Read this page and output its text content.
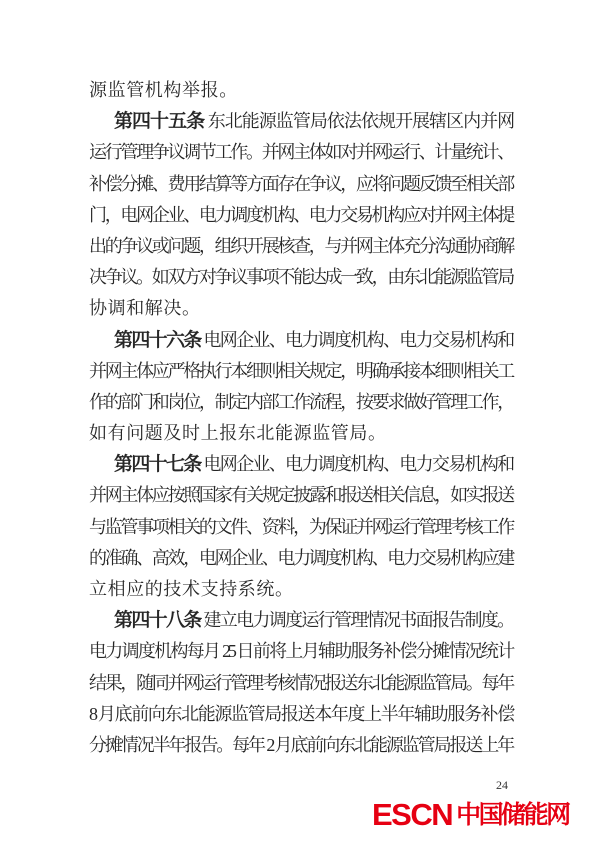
源监管机构举报。
第四十五条 东北能源监管局依法依规开展辖区内并网
运行管理争议调节工作。并网主体如对并网运行、计量统计、
补偿分摊、费用结算等方面存在争议，应将问题反馈至相关部
门，电网企业、电力调度机构、电力交易机构应对并网主体提
出的争议或问题，组织开展核查，与并网主体充分沟通协商解
决争议。如双方对争议事项不能达成一致，由东北能源监管局
协调和解决。
第四十六条 电网企业、电力调度机构、电力交易机构和
并网主体应严格执行本细则相关规定，明确承接本细则相关工
作的部门和岗位，制定内部工作流程，按要求做好管理工作，
如有问题及时上报东北能源监管局。
第四十七条 电网企业、电力调度机构、电力交易机构和
并网主体应按照国家有关规定披露和报送相关信息，如实报送
与监管事项相关的文件、资料，为保证并网运行管理考核工作
的准确、高效，电网企业、电力调度机构、电力交易机构应建
立相应的技术支持系统。
第四十八条 建立电力调度运行管理情况书面报告制度。
电力调度机构每月 25 日前将上月辅助服务补偿分摊情况统计
结果，随同并网运行管理考核情况报送东北能源监管局。每年
8 月底前向东北能源监管局报送本年度上半年辅助服务补偿
分摊情况半年报告。每年 2 月底前向东北能源监管局报送上年
24
ESCN 中国储能网
